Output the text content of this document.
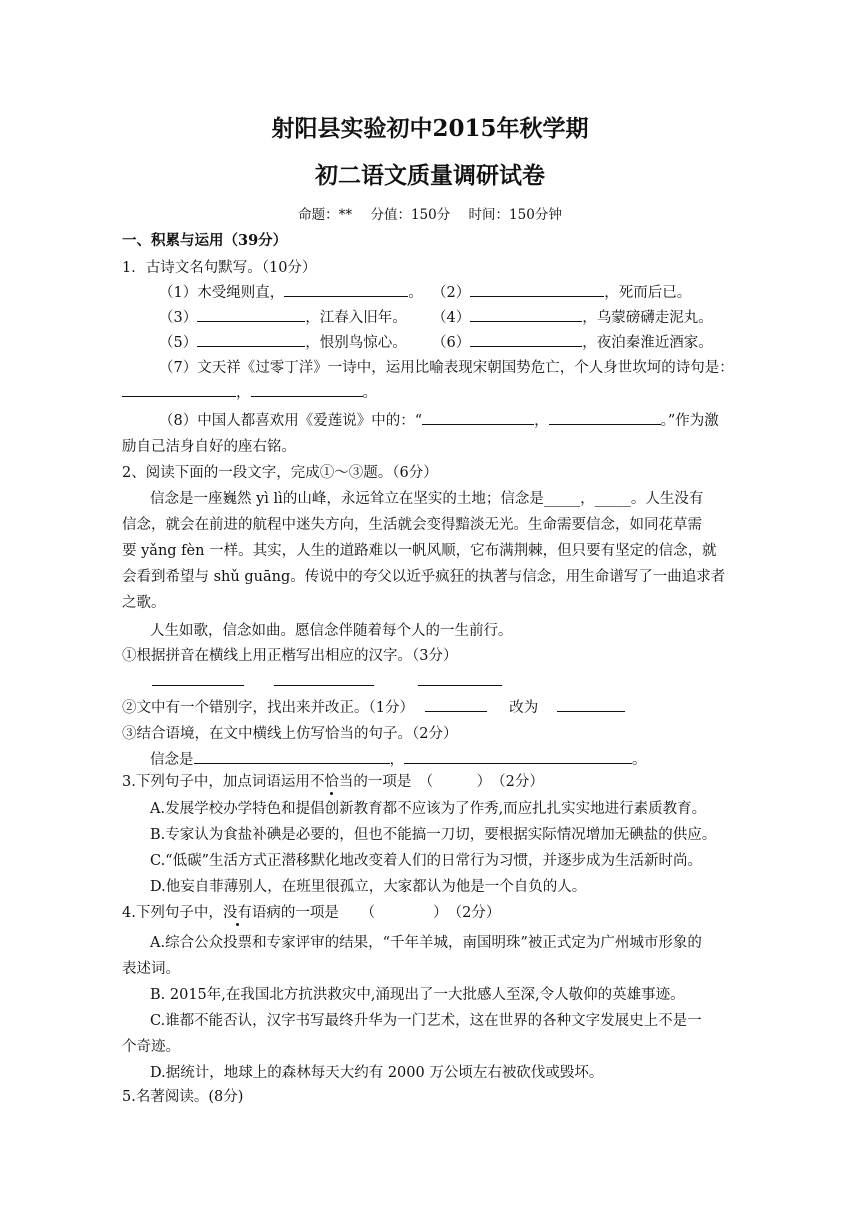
射阳县实验初中2015年秋学期
初二语文质量调研试卷
命题：** 分值：150分 时间：150分钟
一、积累与运用（39分）
1．古诗文名句默写。（10分）
（1）木受绳则直，	。 （2）	，死而后已。
（3）	，江春入旧年。 （4）	，乌蒙磅礴走泥丸。
（5）	，恨别鸟惊心。 （6）	，夜泊秦淮近酒家。
（7）文天祥《过零丁洋》一诗中，运用比喻表现宋朝国势危亡，个人身世坎坷的诗句是：
，	。
（8）中国人都喜欢用《爱莲说》中的：“	，	。”作为激
励自己洁身自好的座右铭。
2、阅读下面的一段文字，完成①～③题。（6分）
信念是一座巍然 yì lì的山峰，永远耸立在坚实的土地；信念是_____，_____。人生没有
信念，就会在前进的航程中迷失方向，生活就会变得黯淡无光。生命需要信念，如同花草需
要 yǎng fèn 一样。其实，人生的道路难以一帆风顺，它布满荆棘，但只要有坚定的信念，就
会看到希望与 shǔ guāng。传说中的夸父以近乎疯狂的执著与信念，用生命谱写了一曲追求者
之歌。
人生如歌，信念如曲。愿信念伴随着每个人的一生前行。
①根据拼音在横线上用正楷写出相应的汉字。（3分）
②文中有一个错别字，找出来并改正。（1分）	改为
③结合语境，在文中横线上仿写恰当的句子。（2分）
信念是	，	。
3.下列句子中，加点词语运用不恰当的一项是　（　　　）　（2分）
A.发展学校办学特色和提倡创新教育都不应该为了作秀,而应扎扎实实地进行素质教育。
B.专家认为食盐补碘是必要的，但也不能搞一刀切，要根据实际情况增加无碘盐的供应。
C.“低碳”生活方式正潜移默化地改变着人们的日常行为习惯，并逐步成为生活新时尚。
D.他妄自菲薄别人，在班里很孤立，大家都认为他是一个自负的人。
4.下列句子中，没有语病的一项是　　（　　　　）　（2分）
A.综合公众投票和专家评审的结果，“千年羊城，南国明珠”被正式定为广州城市形象的
表述词。
B. 2015年,在我国北方抗洪救灾中,涌现出了一大批感人至深,令人敬仰的英雄事迹。
C.谁都不能否认，汉字书写最终升华为一门艺术，这在世界的各种文字发展史上不是一
个奇迹。
D.据统计，地球上的森林每天大约有 2000 万公顷左右被砍伐或毁坏。
5.名著阅读。(8分)
